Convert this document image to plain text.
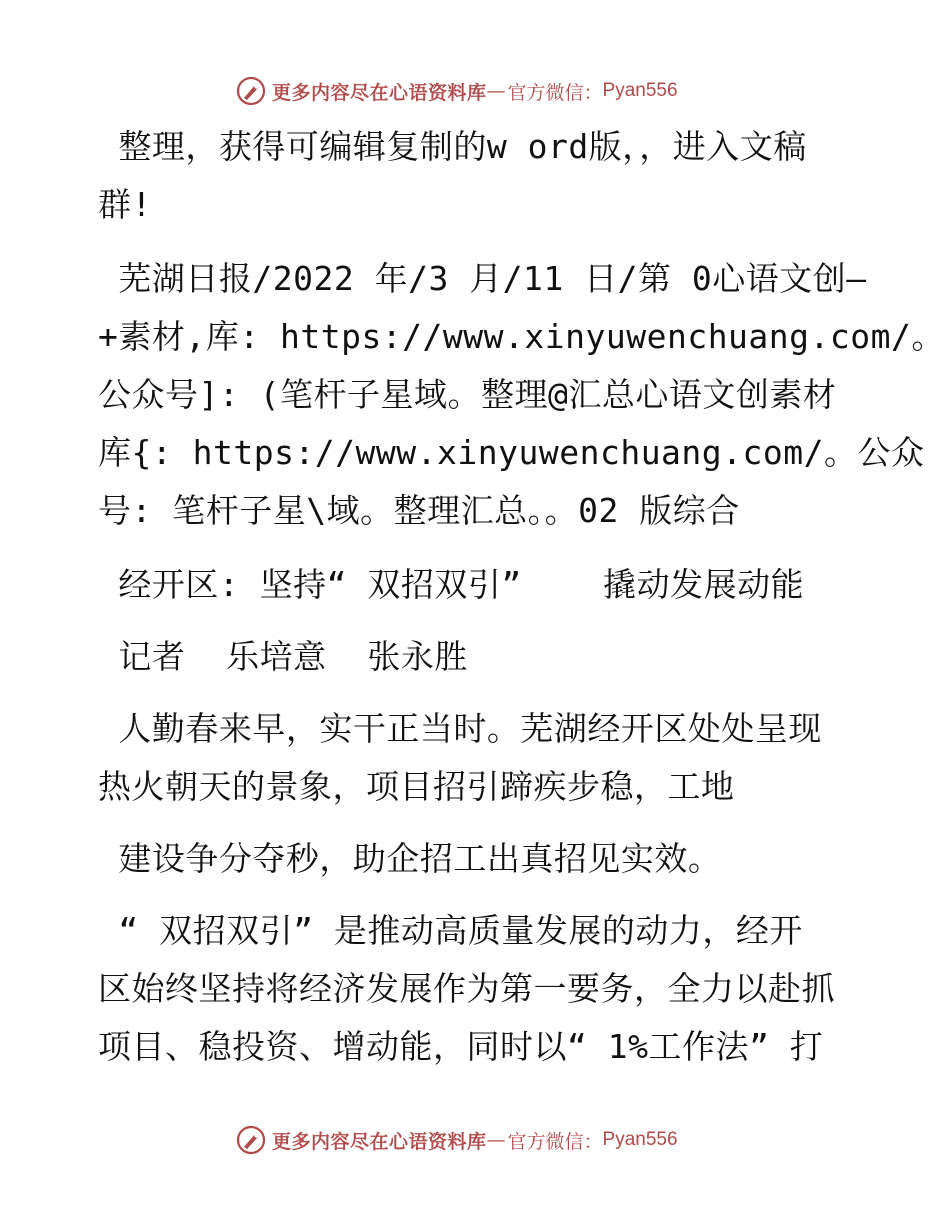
更多内容尽在心语资料库 — 官方微信： Pyan556
整理，获得可编辑复制的w ord版，，进入文稿
群!
芜湖日报/2022 年/3 月/11 日/第 0心语文创—
+素材,库: https://www.xinyuwenchuang.com/。
公众号]: (笔杆子星域。整理@汇总心语文创素材
库{: https://www.xinyuwenchuang.com/。公众
号: 笔杆子星\域。整理汇总。。02 版综合
经开区: 坚持“ 双招双引”    撬动发展动能
记者  乐培意  张永胜
人勤春来早，实干正当时。芜湖经开区处处呈现
热火朝天的景象，项目招引蹄疾步稳，工地
建设争分夺秒，助企招工出真招见实效。
“ 双招双引” 是推动高质量发展的动力，经开
区始终坚持将经济发展作为第一要务，全力以赴抓
项目、稳投资、增动能，同时以“ 1%工作法” 打
更多内容尽在心语资料库 — 官方微信： Pyan556
